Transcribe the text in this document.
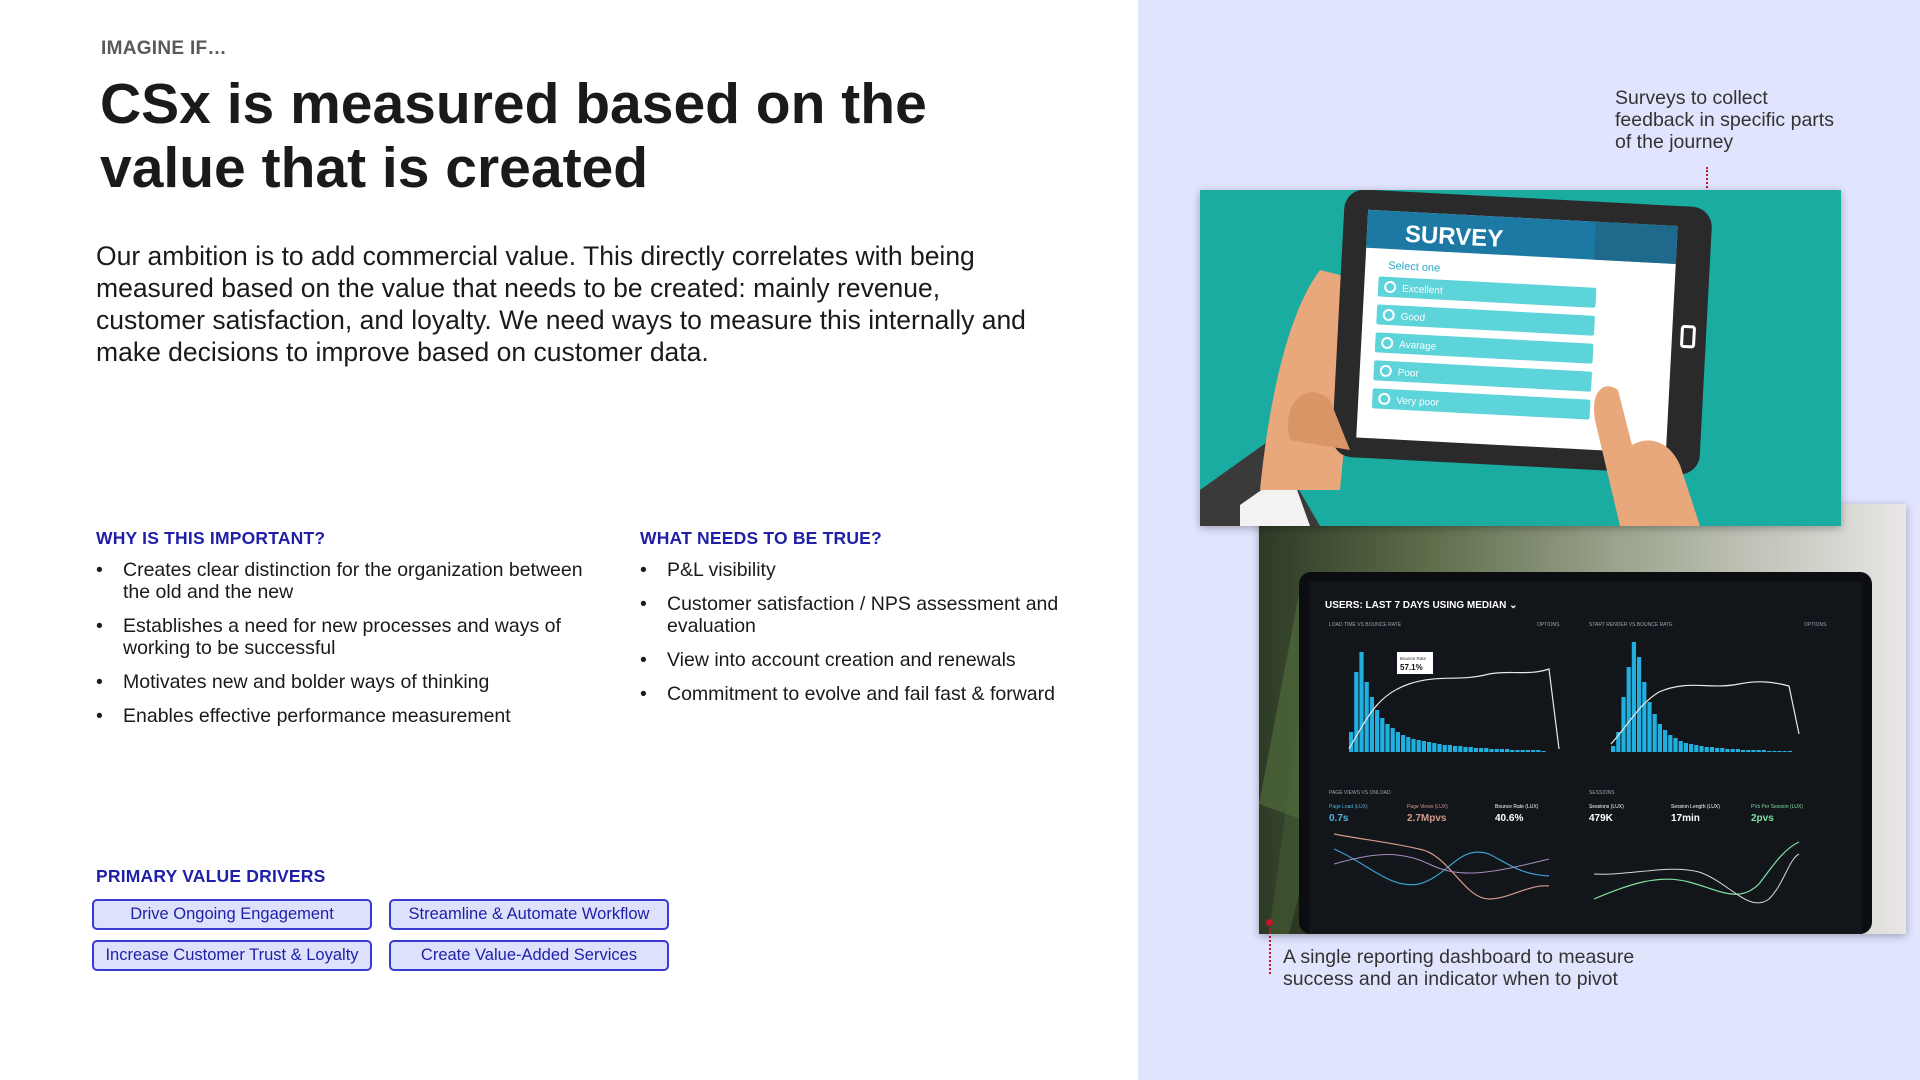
IMAGINE IF…
CSx is measured based on the
value that is created
Our ambition is to add commercial value. This directly correlates with being measured based on the value that needs to be created: mainly revenue, customer satisfaction, and loyalty. We need ways to measure this internally and make decisions to improve based on customer data.
WHY IS THIS IMPORTANT?
• Creates clear distinction for the organization between the old and the new
• Establishes a need for new processes and ways of working to be successful
• Motivates new and bolder ways of thinking
• Enables effective performance measurement
WHAT NEEDS TO BE TRUE?
• P&L visibility
• Customer satisfaction / NPS assessment and evaluation
• View into account creation and renewals
• Commitment to evolve and fail fast & forward
PRIMARY VALUE DRIVERS
Drive Ongoing Engagement	Streamline & Automate Workflow
Increase Customer Trust & Loyalty	Create Value-Added Services
Surveys to collect feedback in specific parts of the journey
USERS: LAST 7 DAYS USING MEDIAN ⌄
LOAD TIME VS BOUNCE RATE	START RENDER VS BOUNCE RATE
OPTIONS	OPTIONS
Bounce Rate
57.1%
PAGE VIEWS VS ONLOAD	SESSIONS
Page Load (LUX)
0.7s
Page Views (LUX)
2.7Mpvs
Bounce Rate (LUX)
40.6%
Sessions (LUX)
479K
Session Length (LUX)
17min
PVs Per Session (LUX)
2pvs
SURVEY
Select one
Excellent
Good
Avarage
Poor
Very poor
A single reporting dashboard to measure success and an indicator when to pivot
